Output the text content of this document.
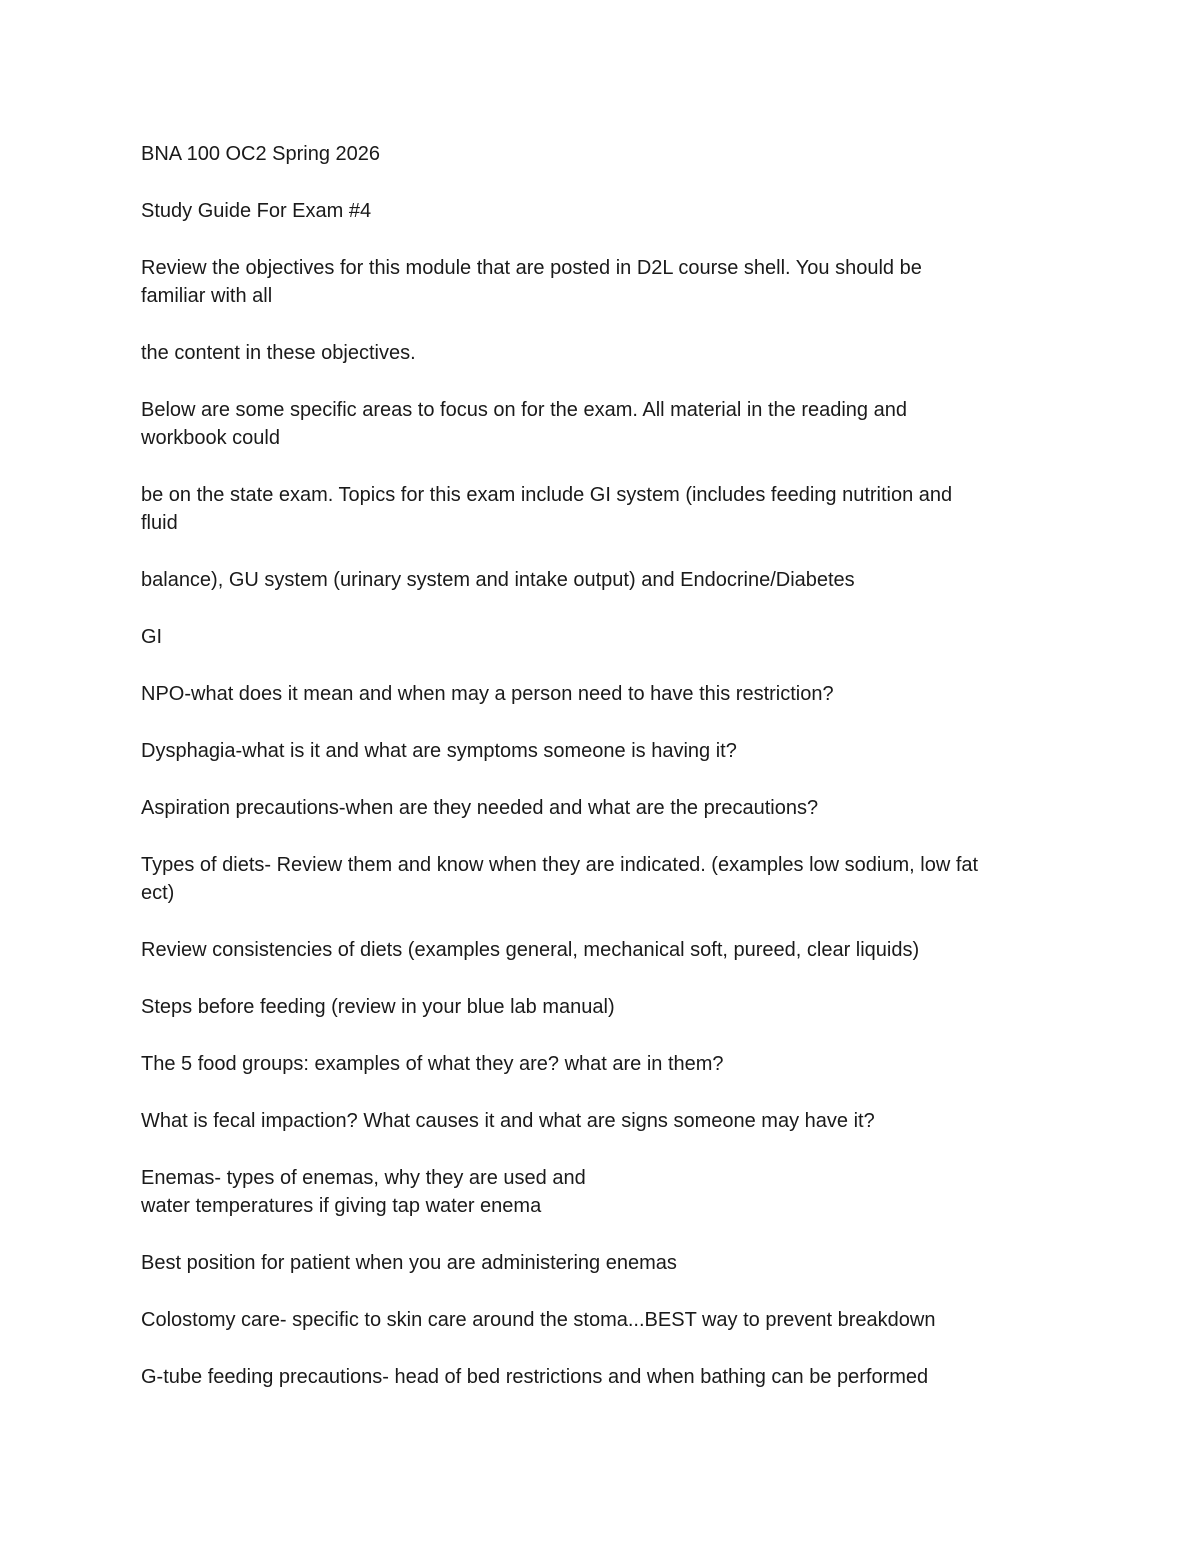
BNA 100 OC2 Spring 2026

Study Guide For Exam #4

Review the objectives for this module that are posted in D2L course shell. You should be
familiar with all

the content in these objectives.

Below are some specific areas to focus on for the exam. All material in the reading and
workbook could

be on the state exam. Topics for this exam include GI system (includes feeding nutrition and
fluid

balance), GU system (urinary system and intake output) and Endocrine/Diabetes

GI

NPO-what does it mean and when may a person need to have this restriction?

Dysphagia-what is it and what are symptoms someone is having it?

Aspiration precautions-when are they needed and what are the precautions?

Types of diets- Review them and know when they are indicated. (examples low sodium, low fat
ect)

Review consistencies of diets (examples general, mechanical soft, pureed, clear liquids)

Steps before feeding (review in your blue lab manual)

The 5 food groups: examples of what they are? what are in them?

What is fecal impaction? What causes it and what are signs someone may have it?

Enemas- types of enemas, why they are used and
water temperatures if giving tap water enema

Best position for patient when you are administering enemas

Colostomy care- specific to skin care around the stoma...BEST way to prevent breakdown

G-tube feeding precautions- head of bed restrictions and when bathing can be performed
